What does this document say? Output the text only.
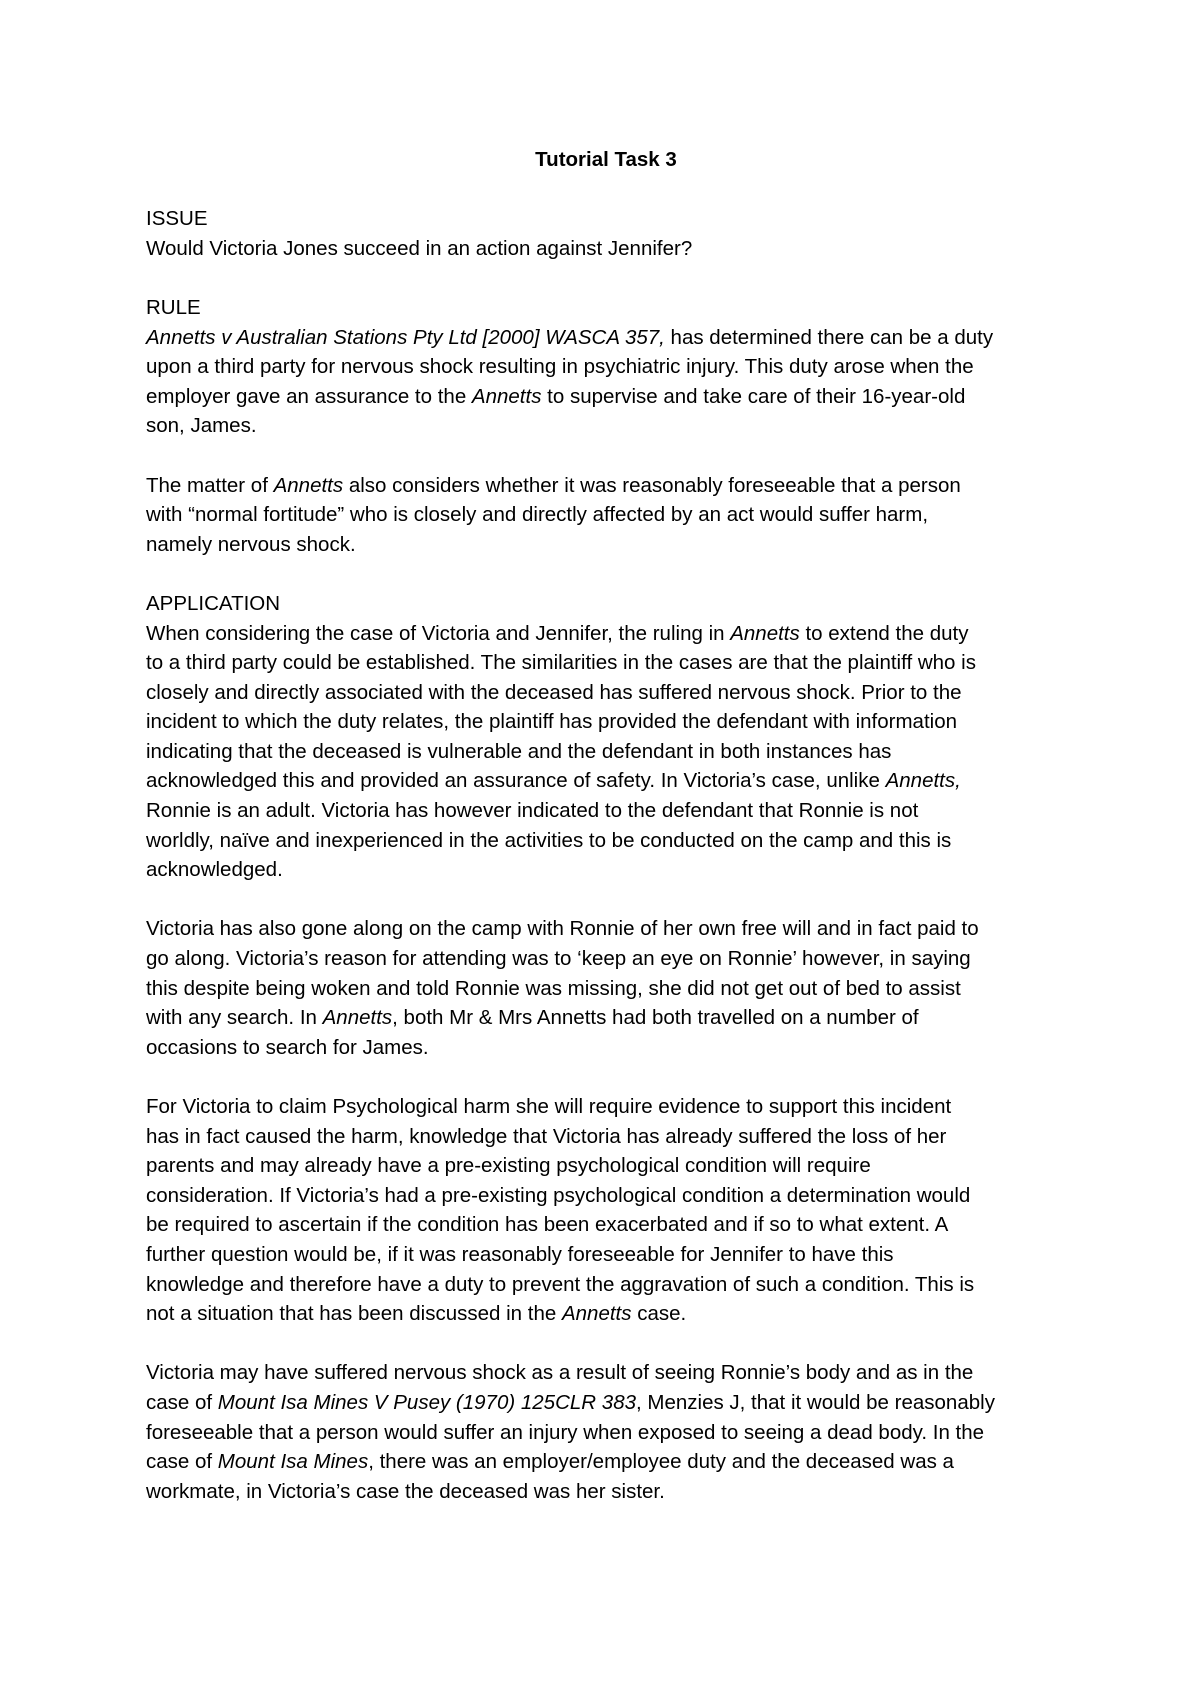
Tutorial Task 3
ISSUE
Would Victoria Jones succeed in an action against Jennifer?
RULE
Annetts v Australian Stations Pty Ltd [2000] WASCA 357, has determined there can be a duty
upon a third party for nervous shock resulting in psychiatric injury. This duty arose when the
employer gave an assurance to the Annetts to supervise and take care of their 16-year-old
son, James.
The matter of Annetts also considers whether it was reasonably foreseeable that a person
with “normal fortitude” who is closely and directly affected by an act would suffer harm,
namely nervous shock.
APPLICATION
When considering the case of Victoria and Jennifer, the ruling in Annetts to extend the duty
to a third party could be established. The similarities in the cases are that the plaintiff who is
closely and directly associated with the deceased has suffered nervous shock. Prior to the
incident to which the duty relates, the plaintiff has provided the defendant with information
indicating that the deceased is vulnerable and the defendant in both instances has
acknowledged this and provided an assurance of safety. In Victoria’s case, unlike Annetts,
Ronnie is an adult. Victoria has however indicated to the defendant that Ronnie is not
worldly, naïve and inexperienced in the activities to be conducted on the camp and this is
acknowledged.
Victoria has also gone along on the camp with Ronnie of her own free will and in fact paid to
go along. Victoria’s reason for attending was to ‘keep an eye on Ronnie’ however, in saying
this despite being woken and told Ronnie was missing, she did not get out of bed to assist
with any search. In Annetts, both Mr & Mrs Annetts had both travelled on a number of
occasions to search for James.
For Victoria to claim Psychological harm she will require evidence to support this incident
has in fact caused the harm, knowledge that Victoria has already suffered the loss of her
parents and may already have a pre-existing psychological condition will require
consideration. If Victoria’s had a pre-existing psychological condition a determination would
be required to ascertain if the condition has been exacerbated and if so to what extent. A
further question would be, if it was reasonably foreseeable for Jennifer to have this
knowledge and therefore have a duty to prevent the aggravation of such a condition. This is
not a situation that has been discussed in the Annetts case.
Victoria may have suffered nervous shock as a result of seeing Ronnie’s body and as in the
case of Mount Isa Mines V Pusey (1970) 125CLR 383, Menzies J, that it would be reasonably
foreseeable that a person would suffer an injury when exposed to seeing a dead body. In the
case of Mount Isa Mines, there was an employer/employee duty and the deceased was a
workmate, in Victoria’s case the deceased was her sister.
